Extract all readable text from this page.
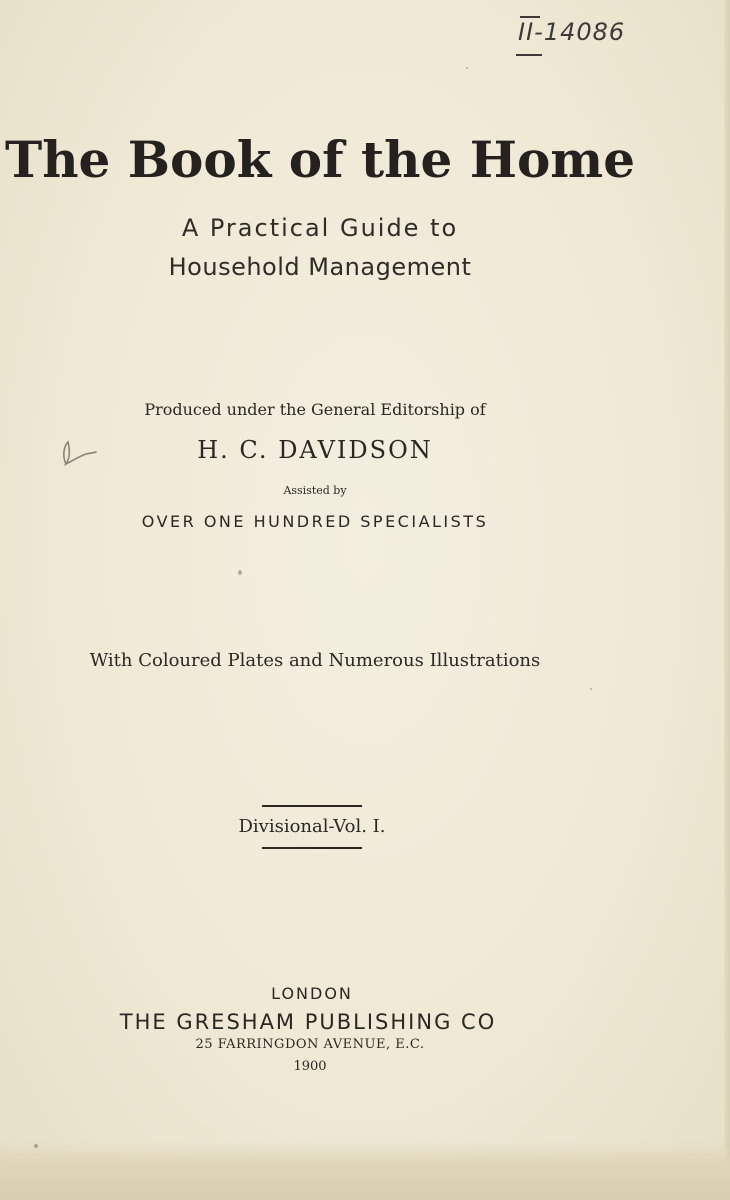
II-14086
The Book of the Home

A Practical Guide to

Household Management

Produced under the General Editorship of

H. C. DAVIDSON

Assisted by

OVER ONE HUNDRED SPECIALISTS

With Coloured Plates and Numerous Illustrations

Divisional-Vol. I.

LONDON

THE GRESHAM PUBLISHING CO

25 FARRINGDON AVENUE, E.C.

1900
